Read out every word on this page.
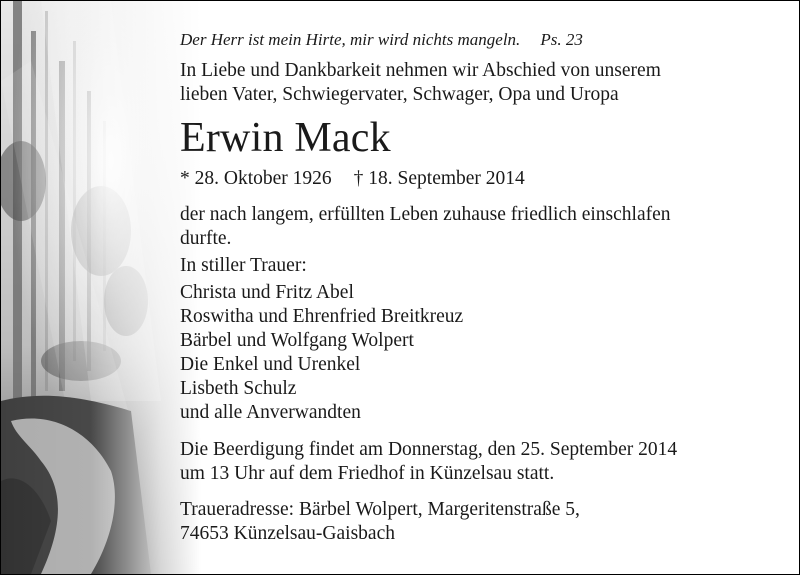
Der Herr ist mein Hirte, mir wird nichts mangeln. Ps. 23
In Liebe und Dankbarkeit nehmen wir Abschied von unserem
lieben Vater, Schwiegervater, Schwager, Opa und Uropa
Erwin Mack
* 28. Oktober 1926 † 18. September 2014
der nach langem, erfüllten Leben zuhause friedlich einschlafen
durfte.
In stiller Trauer:
Christa und Fritz Abel
Roswitha und Ehrenfried Breitkreuz
Bärbel und Wolfgang Wolpert
Die Enkel und Urenkel
Lisbeth Schulz
und alle Anverwandten
Die Beerdigung findet am Donnerstag, den 25. September 2014
um 13 Uhr auf dem Friedhof in Künzelsau statt.
Traueradresse: Bärbel Wolpert, Margeritenstraße 5,
74653 Künzelsau-Gaisbach
